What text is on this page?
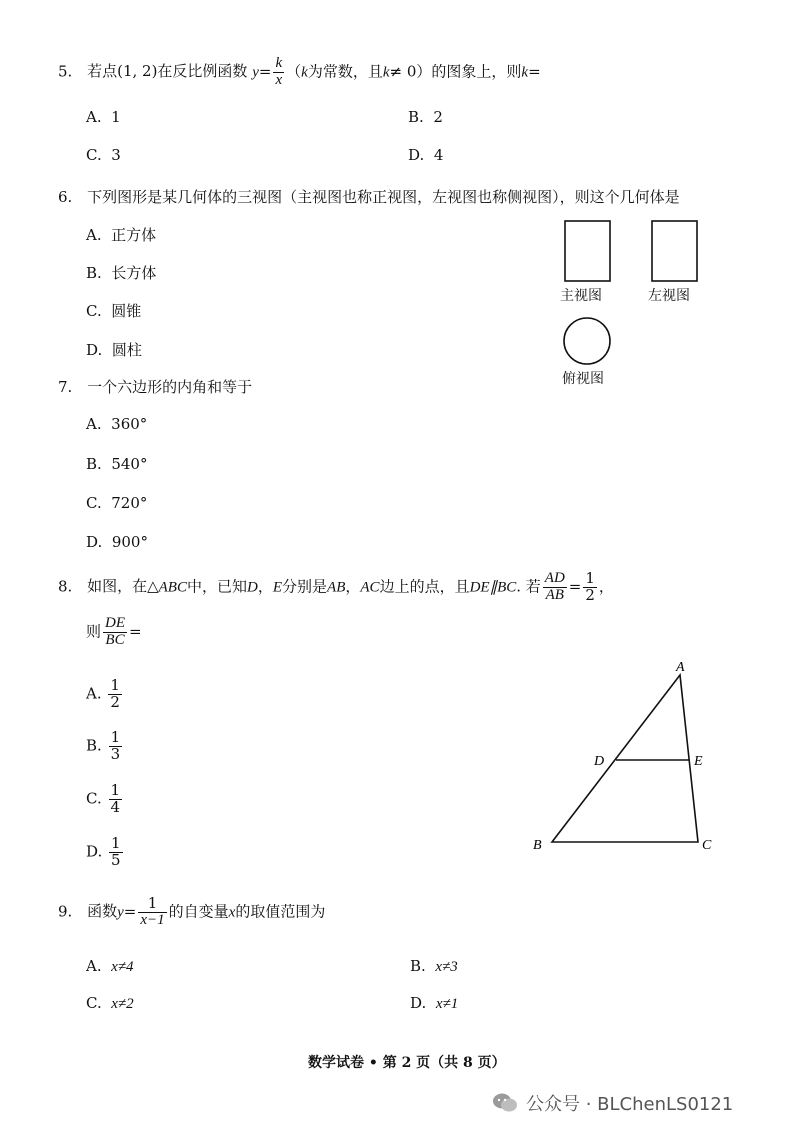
5. 若点(1, 2)在反比例函数 $y= \frac{k}{x} (k$为常数，且k≠ 0）的图象上，则k=
A. 1	B. 2
C. 3	D. 4
6. 下列图形是某几何体的三视图（主视图也称正视图，左视图也称侧视图），则这个几何体是
A. 正方体
B. 长方体
C. 圆锥
D. 圆柱
主视图	左视图
俯视图
7. 一个六边形的内角和等于
A. 360°
B. 540°
C. 720°
D. 900°
8. 如图，在△ABC中，已知D，E分别是AB，AC边上的点，且DE∥BC. 若 $\frac{AD}{AB} = \frac{1}{2}$ ，
则 $\frac{DE}{BC}$ =
A. $\frac{1}{2}$
B. $\frac{1}{3}$
C. $\frac{1}{4}$
D. $\frac{1}{5}$
A
B	C
D	E
9. 函数$y= \frac{1}{x-1}$ 的自变量x的取值范围为
A. x≠4	B. x≠3
C. x≠2	D. x≠1
数学试卷 • 第 2 页（共 8 页）
公众号 · BLChenLS0121
